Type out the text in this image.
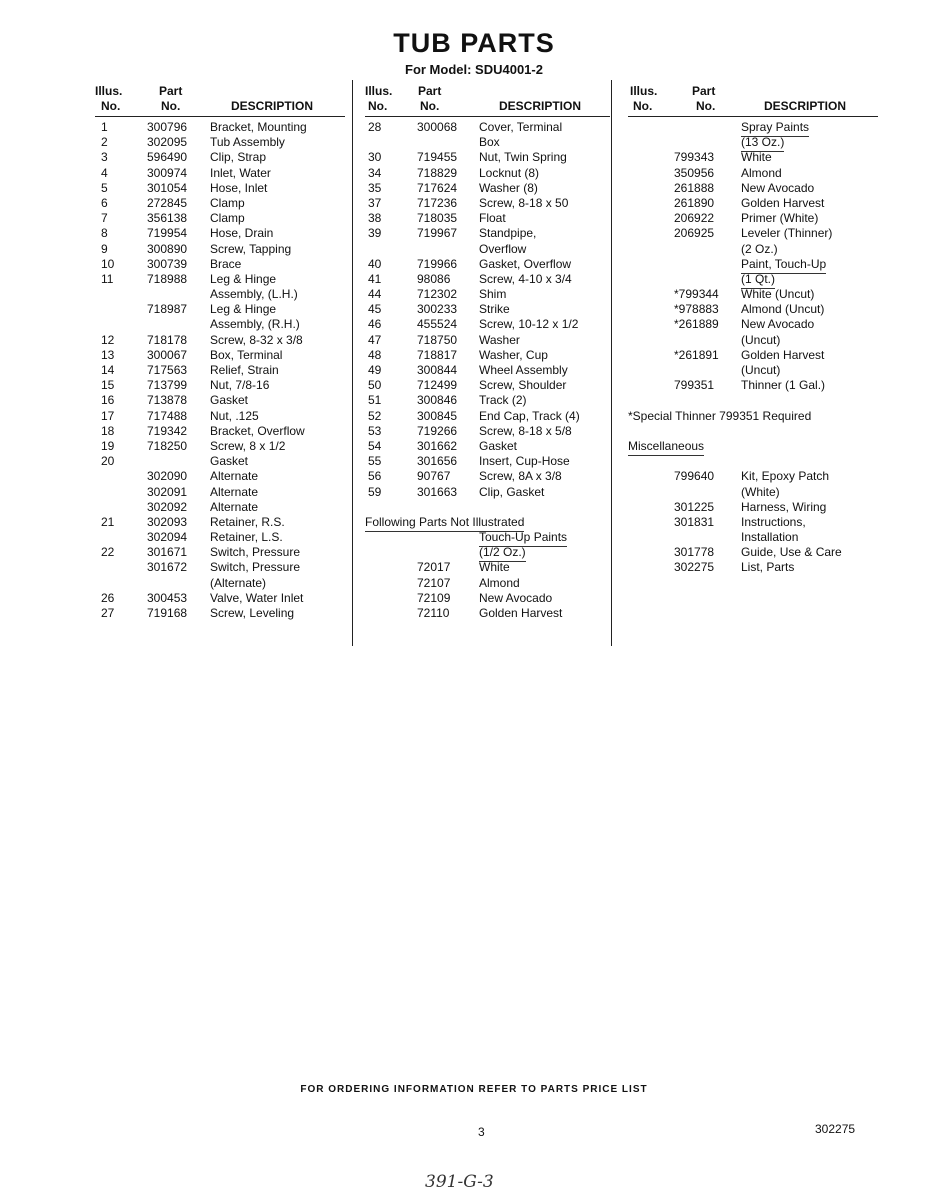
TUB PARTS
For Model: SDU4001-2
Illus.
No.
Part
No.	DESCRIPTION
1	300796 Bracket, Mounting
2	302095 Tub Assembly
3	596490 Clip, Strap
4	300974 Inlet, Water
5	301054 Hose, Inlet
6	272845 Clamp
7	356138 Clamp
8	719954 Hose, Drain
9	300890 Screw, Tapping
10	300739 Brace
11	718988 Leg & Hinge
Assembly, (L.H.)
718987 Leg & Hinge
Assembly, (R.H.)
12	718178 Screw, 8-32 x 3/8
13	300067 Box, Terminal
14	717563 Relief, Strain
15	713799 Nut, 7/8-16
16	713878 Gasket
17	717488 Nut, .125
18	719342 Bracket, Overflow
19	718250 Screw, 8 x 1/2
20	Gasket
302090 Alternate
302091 Alternate
302092 Alternate
21	302093 Retainer, R.S.
302094 Retainer, L.S.
22	301671 Switch, Pressure
301672 Switch, Pressure
(Alternate)
26	300453 Valve, Water Inlet
27	719168 Screw, Leveling
Illus.
No.
Part
No.	DESCRIPTION
28	300068 Cover, Terminal
Box
30	719455 Nut, Twin Spring
34	718829 Locknut (8)
35	717624 Washer (8)
37	717236 Screw, 8-18 x 50
38	718035 Float
39	719967 Standpipe,
Overflow
40	719966 Gasket, Overflow
41	98086 Screw, 4-10 x 3/4
44	712302 Shim
45	300233 Strike
46	455524 Screw, 10-12 x 1/2
47	718750 Washer
48	718817 Washer, Cup
49	300844 Wheel Assembly
50	712499 Screw, Shoulder
51	300846 Track (2)
52	300845 End Cap, Track (4)
53	719266 Screw, 8-18 x 5/8
54	301662 Gasket
55	301656 Insert, Cup-Hose
56	90767 Screw, 8A x 3/8
59	301663 Clip, Gasket
Following Parts Not Illustrated
Touch-Up Paints
(1/2 Oz.)
72017 White
72107 Almond
72109 New Avocado
72110 Golden Harvest
Illus.
No.
Part
No.	DESCRIPTION
Spray Paints
(13 Oz.)
799343 White
350956 Almond
261888 New Avocado
261890 Golden Harvest
206922 Primer (White)
206925 Leveler (Thinner)
(2 Oz.)
Paint, Touch-Up
(1 Qt.)
*799344 White (Uncut)
*978883 Almond (Uncut)
*261889 New Avocado
(Uncut)
*261891 Golden Harvest
(Uncut)
799351 Thinner (1 Gal.)
*Special Thinner 799351 Required
Miscellaneous
799640 Kit, Epoxy Patch
(White)
301225 Harness, Wiring
301831 Instructions,
Installation
301778 Guide, Use & Care
302275 List, Parts
FOR ORDERING INFORMATION REFER TO PARTS PRICE LIST
3	302275
391-G-3
